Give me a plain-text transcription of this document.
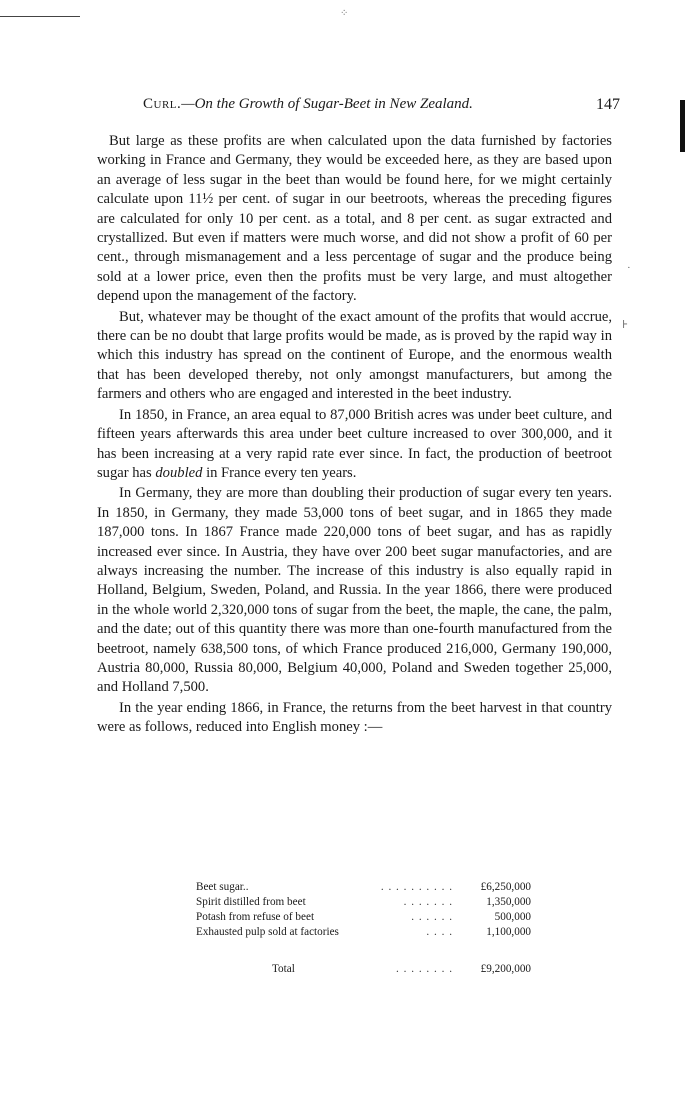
⁘
·
⊦
Curl.—On the Growth of Sugar-Beet in New Zealand.	147

But large as these profits are when calculated upon the data furnished by factories working in France and Germany, they would be exceeded here, as they are based upon an average of less sugar in the beet than would be found here, for we might certainly calculate upon 11½ per cent. of sugar in our beetroots, whereas the preceding figures are calculated for only 10 per cent. as a total, and 8 per cent. as sugar extracted and crystallized. But even if matters were much worse, and did not show a profit of 60 per cent., through mismanagement and a less percentage of sugar and the produce being sold at a lower price, even then the profits must be very large, and must altogether depend upon the management of the factory.

But, whatever may be thought of the exact amount of the profits that would accrue, there can be no doubt that large profits would be made, as is proved by the rapid way in which this industry has spread on the continent of Europe, and the enormous wealth that has been developed thereby, not only amongst manufacturers, but among the farmers and others who are engaged and interested in the beet industry.

In 1850, in France, an area equal to 87,000 British acres was under beet culture, and fifteen years afterwards this area under beet culture increased to over 300,000, and it has been increasing at a very rapid rate ever since. In fact, the production of beetroot sugar has doubled in France every ten years.

In Germany, they are more than doubling their production of sugar every ten years. In 1850, in Germany, they made 53,000 tons of beet sugar, and in 1865 they made 187,000 tons. In 1867 France made 220,000 tons of beet sugar, and has as rapidly increased ever since. In Austria, they have over 200 beet sugar manufactories, and are always increasing the number. The increase of this industry is also equally rapid in Holland, Belgium, Sweden, Poland, and Russia. In the year 1866, there were produced in the whole world 2,320,000 tons of sugar from the beet, the maple, the cane, the palm, and the date; out of this quantity there was more than one-fourth manufactured from the beetroot, namely 638,500 tons, of which France produced 216,000, Germany 190,000, Austria 80,000, Russia 80,000, Belgium 40,000, Poland and Sweden together 25,000, and Holland 7,500.

In the year ending 1866, in France, the returns from the beet harvest in that country were as follows, reduced into English money :—

Beet sugar..	. . . . . . . . . .	£6,250,000
Spirit distilled from beet	. . . . . . .	1,350,000
Potash from refuse of beet	. . . . . .	500,000
Exhausted pulp sold at factories	. . . .	1,100,000
Total	. . . . . . . .	£9,200,000
